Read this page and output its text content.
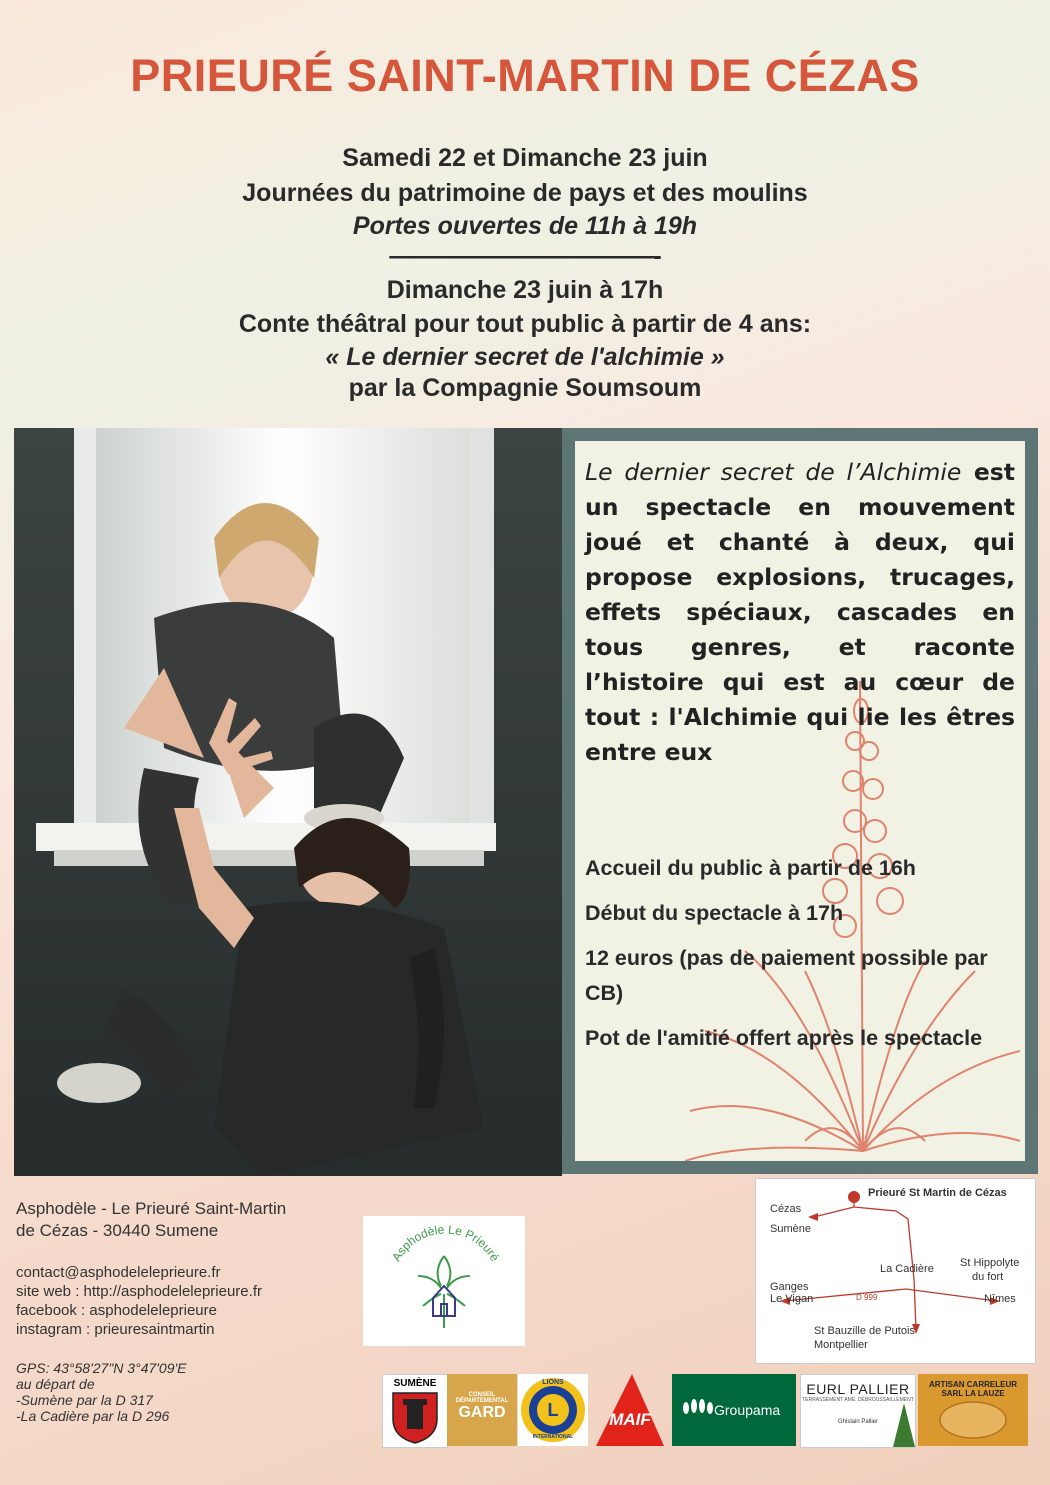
PRIEURÉ SAINT-MARTIN DE CÉZAS
Samedi 22 et Dimanche 23 juin
Journées du patrimoine de pays et des moulins
Portes ouvertes de 11h à 19h
———————————-
Dimanche 23 juin à 17h
Conte théâtral pour tout public à partir de 4 ans:
« Le dernier secret de l'alchimie »
par la Compagnie Soumsoum
Le dernier secret de l’Alchimie est un spectacle en mouvement joué et chanté à deux, qui propose explosions, trucages, effets spéciaux, cascades en tous genres, et raconte l’histoire qui est au cœur de tout : l'Alchimie qui lie les êtres entre eux
Accueil du public à partir de 16h
Début du spectacle à 17h
12 euros (pas de paiement possible par CB)
Pot de l'amitié offert après le spectacle
Asphodèle - Le Prieuré Saint-Martin
de Cézas - 30440 Sumene
contact@asphodelelepriеure.fr
site web : http://asphodelelepriеure.fr
facebook : asphodelelepriеure
instagram : prieuresaintmartin
GPS: 43°58'27"N 3°47'09'E
au départ de
-Sumène par la D 317
-La Cadière par la D 296
Asphodèle Le Prieuré
Prieuré St Martin de Cézas
Cézas
Sumène
La Cadière St Hippolyte
du fort
Ganges
Le Vigan	D 999	Nîmes
St Bauzille de Putois
Montpellier
SUMÈNE
CONSEIL DÉPARTEMENTAL
GARD	L
LIONS
INTERNATIONAL
MAIF	Groupama
EURL PALLIER
TERRASSEMENT AMÉ. DÉBROUSSAILLEMENT
Ghislain Pallier
ARTISAN CARRELEUR
SARL LA LAUZE
